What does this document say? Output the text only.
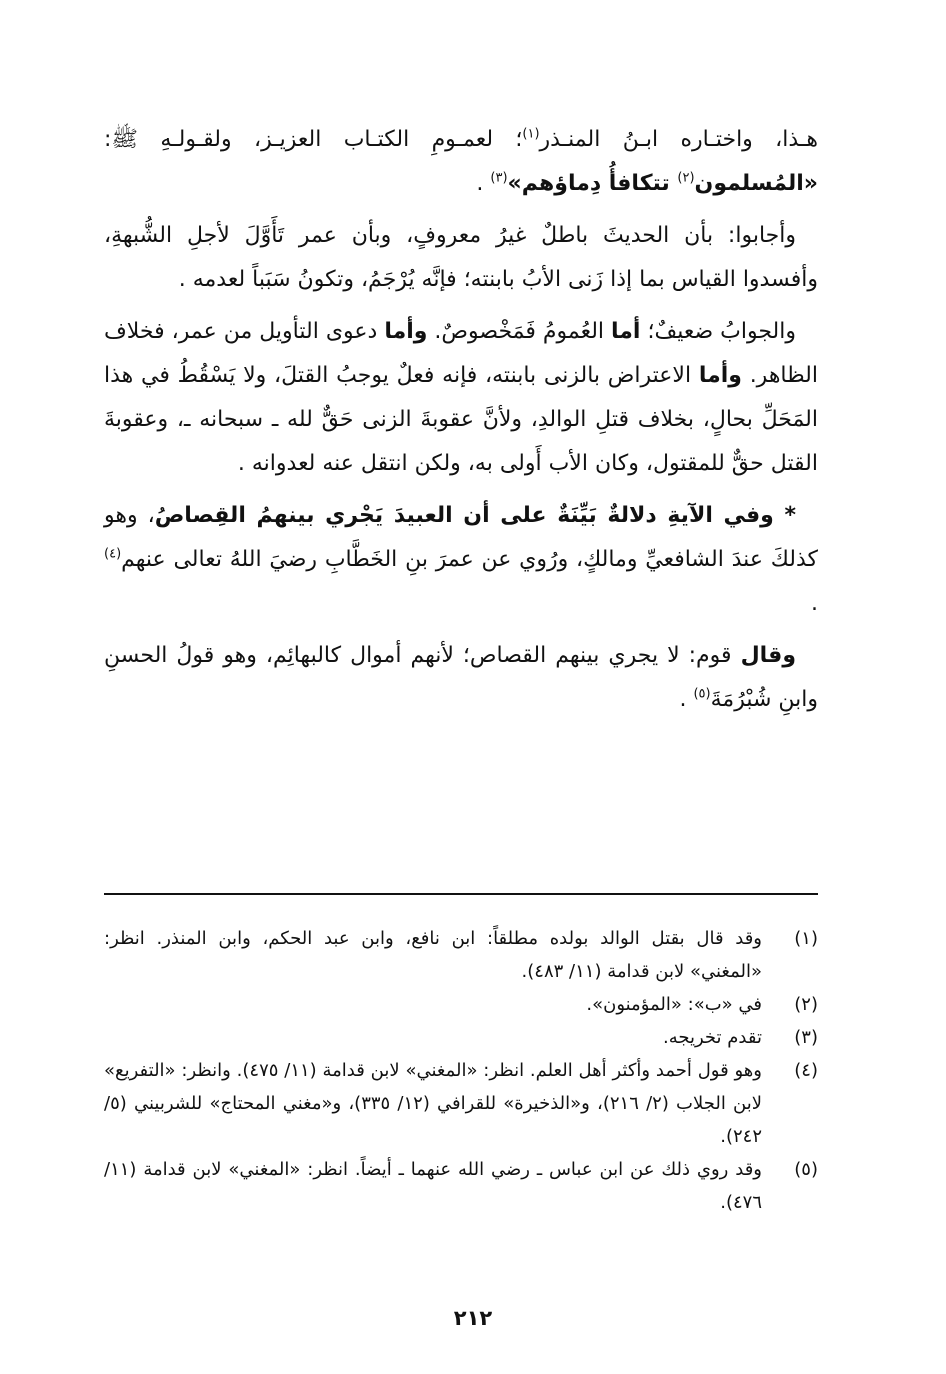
هـذا، واختـاره ابـنُ المنـذر$^{(١)}$؛ لعمـومِ الكتـاب العزيـز، ولقـولـهِ ﷺ: «المُسلمون$^{(٢)}$ تتكافأُ دِماؤهم»$^{(٣)}$ .

وأجابوا: بأن الحديثَ باطلٌ غيرُ معروفٍ، وبأن عمر تَأَوَّلَ لأجلِ الشُّبهةِ، وأفسدوا القياس بما إذا زَنى الأبُ بابنته؛ فإنَّه يُرْجَمُ، وتكونُ سَبَباً لعدمه .

والجوابُ ضعيفٌ؛ أما العُمومُ فَمَخْصوصٌ. وأما دعوى التأويل من عمر، فخلاف الظاهر. وأما الاعتراض بالزنى بابنته، فإنه فعلٌ يوجبُ القتلَ، ولا يَسْقُطُ في هذا المَحَلِّ بحالٍ، بخلاف قتلِ الوالدِ، ولأنَّ عقوبةَ الزنى حَقٌّ لله ـ سبحانه ـ، وعقوبةَ القتل حقٌّ للمقتول، وكان الأب أَولى به، ولكن انتقل عنه لعدوانه .

* وفي الآيةِ دلالةٌ بَيِّنَةٌ على أن العبيدَ يَجْري بينهمُ القِصاصُ، وهو كذلكَ عندَ الشافعيِّ ومالكٍ، ورُوي عن عمرَ بنِ الخَطَّابِ رضيَ اللهُ تعالى عنهم$^{(٤)}$ .

وقال قوم: لا يجري بينهم القصاص؛ لأنهم أموال كالبهائِم، وهو قولُ الحسنِ وابنِ شُبْرُمَةَ$^{(٥)}$ .

(١)
وقد قال بقتل الوالد بولده مطلقاً: ابن نافع، وابن عبد الحكم، وابن المنذر. انظر: «المغني» لابن قدامة (١١/ ٤٨٣).
(٢)
في «ب»: «المؤمنون».
(٣)
تقدم تخريجه.
(٤)
وهو قول أحمد وأكثر أهل العلم. انظر: «المغني» لابن قدامة (١١/ ٤٧٥). وانظر: «التفريع» لابن الجلاب (٢/ ٢١٦)، و«الذخيرة» للقرافي (١٢/ ٣٣٥)، و«مغني المحتاج» للشربيني (٥/ ٢٤٢).
(٥)
وقد روي ذلك عن ابن عباس ـ رضي الله عنهما ـ أيضاً. انظر: «المغني» لابن قدامة (١١/ ٤٧٦).
٢١٢
